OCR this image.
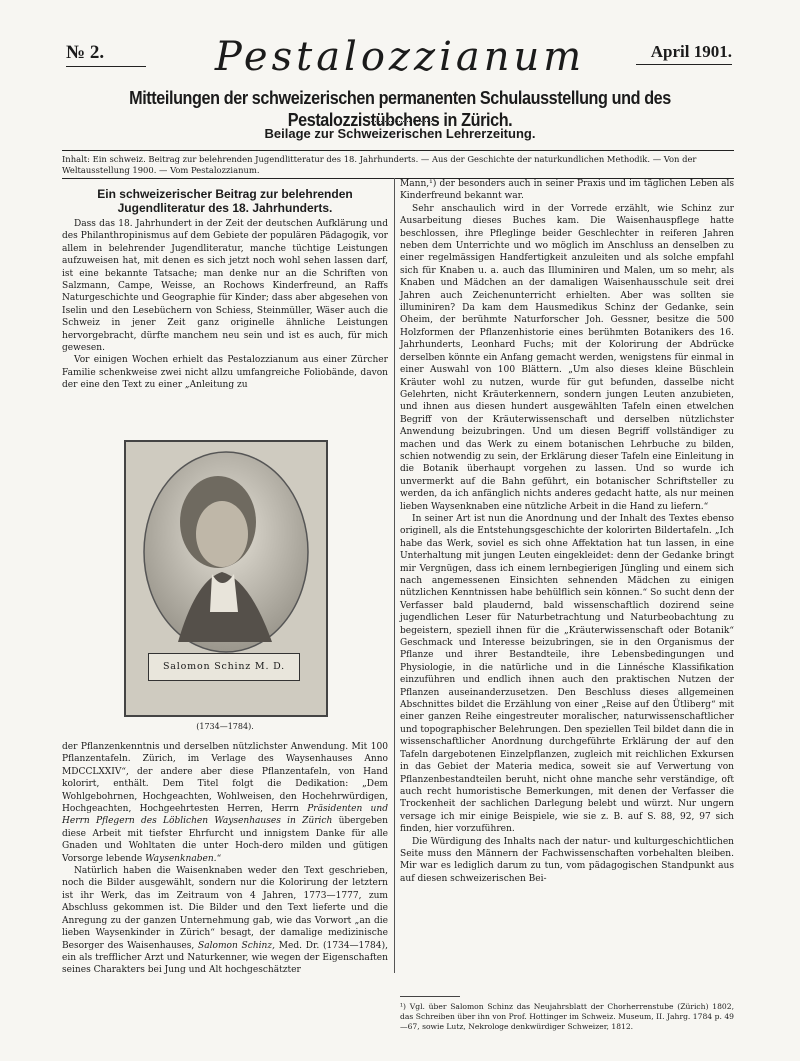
№ 2.	Pestalozzianum	April 1901.
Mitteilungen der schweizerischen permanenten Schulausstellung und des Pestalozzistübchens in Zürich.
Beilage zur Schweizerischen Lehrerzeitung.
Inhalt: Ein schweiz. Beitrag zur belehrenden Jugendlitteratur des 18. Jahrhunderts. — Aus der Geschichte der naturkundlichen Methodik. — Von der Weltausstellung 1900. — Vom Pestalozzianum.
Ein schweizerischer Beitrag zur belehrenden Jugendliteratur des 18. Jahrhunderts.

Dass das 18. Jahrhundert in der Zeit der deutschen Aufklärung und des Philanthropinismus auf dem Gebiete der populären Pädagogik, vor allem in belehrender Jugendliteratur, manche tüchtige Leistungen aufzuweisen hat, mit denen es sich jetzt noch wohl sehen lassen darf, ist eine bekannte Tatsache; man denke nur an die Schriften von Salzmann, Campe, Weisse, an Rochows Kinderfreund, an Raffs Naturgeschichte und Geographie für Kinder; dass aber abgesehen von Iselin und den Lesebüchern von Schiess, Steinmüller, Wäser auch die Schweiz in jener Zeit ganz originelle ähnliche Leistungen hervorgebracht, dürfte manchem neu sein und ist es auch, für mich gewesen.

Vor einigen Wochen erhielt das Pestalozzianum aus einer Zürcher Familie schenkweise zwei nicht allzu umfangreiche Foliobände, davon der eine den Text zu einer „Anleitung zu

Salomon Schinz M. D.
(1734—1784).

der Pflanzenkenntnis und derselben nützlichster Anwendung. Mit 100 Pflanzentafeln. Zürich, im Verlage des Waysenhauses Anno MDCCLXXIV“, der andere aber diese Pflanzentafeln, von Hand kolorirt, enthält. Dem Titel folgt die Dedikation: „Dem Wohlgebohrnen, Hochgeachten, Wohlweisen, den Hochehrwürdigen, Hochgeachten, Hochgeehrtesten Herren, Herrn Präsidenten und Herrn Pflegern des Löblichen Waysenhauses in Zürich übergeben diese Arbeit mit tiefster Ehrfurcht und innigstem Danke für alle Gnaden und Wohltaten die unter Hoch-dero milden und gütigen Vorsorge lebende Waysenknaben.“

Natürlich haben die Waisenknaben weder den Text geschrieben, noch die Bilder ausgewählt, sondern nur die Kolorirung der letztern ist ihr Werk, das im Zeitraum von 4 Jahren, 1773—1777, zum Abschluss gekommen ist. Die Bilder und den Text lieferte und die Anregung zu der ganzen Unternehmung gab, wie das Vorwort „an die lieben Waysenkinder in Zürich“ besagt, der damalige medizinische Besorger des Waisenhauses, Salomon Schinz, Med. Dr. (1734—1784), ein als trefflicher Arzt und Naturkenner, wie wegen der Eigenschaften seines Charakters bei Jung und Alt hochgeschätzter

Mann,¹) der besonders auch in seiner Praxis und im täglichen Leben als Kinderfreund bekannt war.

Sehr anschaulich wird in der Vorrede erzählt, wie Schinz zur Ausarbeitung dieses Buches kam. Die Waisenhauspflege hatte beschlossen, ihre Pfleglinge beider Geschlechter in reiferen Jahren neben dem Unterrichte und wo möglich im Anschluss an denselben zu einer regelmässigen Handfertigkeit anzuleiten und als solche empfahl sich für Knaben u. a. auch das Illuminiren und Malen, um so mehr, als Knaben und Mädchen an der damaligen Waisenhausschule seit drei Jahren auch Zeichenunterricht erhielten. Aber was sollten sie illuminiren? Da kam dem Hausmedikus Schinz der Gedanke, sein Oheim, der berühmte Naturforscher Joh. Gessner, besitze die 500 Holzformen der Pflanzenhistorie eines berühmten Botanikers des 16. Jahrhunderts, Leonhard Fuchs; mit der Kolorirung der Abdrücke derselben könnte ein Anfang gemacht werden, wenigstens für einmal in einer Auswahl von 100 Blättern. „Um also dieses kleine Büschlein Kräuter wohl zu nutzen, wurde für gut befunden, dasselbe nicht Gelehrten, nicht Kräuterkennern, sondern jungen Leuten anzubieten, und ihnen aus diesen hundert ausgewählten Tafeln einen etwelchen Begriff von der Kräuterwissenschaft und derselben nützlichster Anwendung beizubringen. Und um diesen Begriff vollständiger zu machen und das Werk zu einem botanischen Lehrbuche zu bilden, schien notwendig zu sein, der Erklärung dieser Tafeln eine Einleitung in die Botanik überhaupt vorgehen zu lassen. Und so wurde ich unvermerkt auf die Bahn geführt, ein botanischer Schriftsteller zu werden, da ich anfänglich nichts anderes gedacht hatte, als nur meinen lieben Waysenknaben eine nützliche Arbeit in die Hand zu liefern.“

In seiner Art ist nun die Anordnung und der Inhalt des Textes ebenso originell, als die Entstehungsgeschichte der kolorirten Bildertafeln. „Ich habe das Werk, soviel es sich ohne Affektation hat tun lassen, in eine Unterhaltung mit jungen Leuten eingekleidet: denn der Gedanke bringt mir Vergnügen, dass ich einem lernbegierigen Jüngling und einem sich nach angemessenen Einsichten sehnenden Mädchen zu einigen nützlichen Kenntnissen habe behülflich sein können.“ So sucht denn der Verfasser bald plaudernd, bald wissenschaftlich dozirend seine jugendlichen Leser für Naturbetrachtung und Naturbeobachtung zu begeistern, speziell ihnen für die „Kräuterwissenschaft oder Botanik“ Geschmack und Interesse beizubringen, sie in den Organismus der Pflanze und ihrer Bestandteile, ihre Lebensbedingungen und Physiologie, in die natürliche und in die Linnésche Klassifikation einzuführen und endlich ihnen auch den praktischen Nutzen der Pflanzen auseinanderzusetzen. Den Beschluss dieses allgemeinen Abschnittes bildet die Erzählung von einer „Reise auf den Ütliberg“ mit einer ganzen Reihe eingestreuter moralischer, naturwissenschaftlicher und topographischer Belehrungen. Den speziellen Teil bildet dann die in wissenschaftlicher Anordnung durchgeführte Erklärung der auf den Tafeln dargebotenen Einzelpflanzen, zugleich mit reichlichen Exkursen in das Gebiet der Materia medica, soweit sie auf Verwertung von Pflanzenbestandteilen beruht, nicht ohne manche sehr verständige, oft auch recht humoristische Bemerkungen, mit denen der Verfasser die Trockenheit der sachlichen Darlegung belebt und würzt. Nur ungern versage ich mir einige Beispiele, wie sie z. B. auf S. 88, 92, 97 sich finden, hier vorzuführen.

Die Würdigung des Inhalts nach der natur- und kulturgeschichtlichen Seite muss den Männern der Fachwissenschaften vorbehalten bleiben. Mir war es lediglich darum zu tun, vom pädagogischen Standpunkt aus auf diesen schweizerischen Bei-

¹) Vgl. über Salomon Schinz das Neujahrsblatt der Chorherrenstube (Zürich) 1802, das Schreiben über ihn von Prof. Hottinger im Schweiz. Museum, II. Jahrg. 1784 p. 49—67, sowie Lutz, Nekrologe denkwürdiger Schweizer, 1812.
